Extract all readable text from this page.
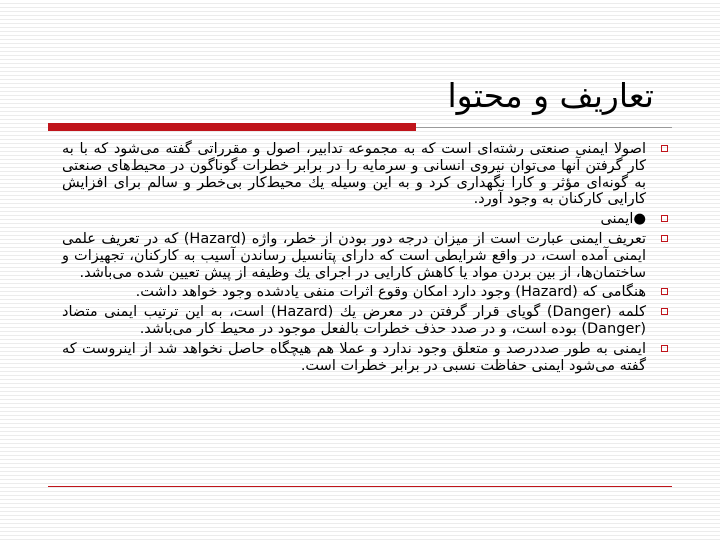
تعاريف و محتوا
اصولا ايمنی صنعتی رشته‌ای است كه به مجموعه تدابير، اصول و مقرراتی گفته می‌شود كه با به كار گرفتن آنها می‌توان نيروی انسانی و سرمايه را در برابر خطرات گوناگون در محيط‌های صنعتی به گونه‌ای مؤثر و كارا نگهداری كرد و به اين وسيله يك محيط‌كار بی‌خطر و سالم برای افزايش كارايی كاركنان به وجود آورد.
●ايمنی
تعريف ايمنی عبارت است از ميزان درجه دور بودن از خطر، واژه (Hazard) كه در تعريف علمی ايمنی آمده است، در واقع شرايطی است كه دارای پتانسيل رساندن آسيب به كاركنان، تجهيزات و ساختمان‌ها، از بين بردن مواد يا كاهش كارايی در اجرای يك وظيفه از پيش تعيين شده می‌باشد.
هنگامی كه (Hazard) وجود دارد امكان وقوع اثرات منفی يادشده وجود خواهد داشت.
كلمه (Danger) گويای قرار گرفتن در معرض يك (Hazard) است، به اين ترتيب ايمنی متضاد (Danger) بوده است، و در صدد حذف خطرات بالفعل موجود در محيط كار می‌باشد.
ايمنی به طور صددرصد و متعلق وجود ندارد و عملا هم هيچگاه حاصل نخواهد شد از اينروست كه گفته می‌شود ايمنی حفاظت نسبی در برابر خطرات است.
